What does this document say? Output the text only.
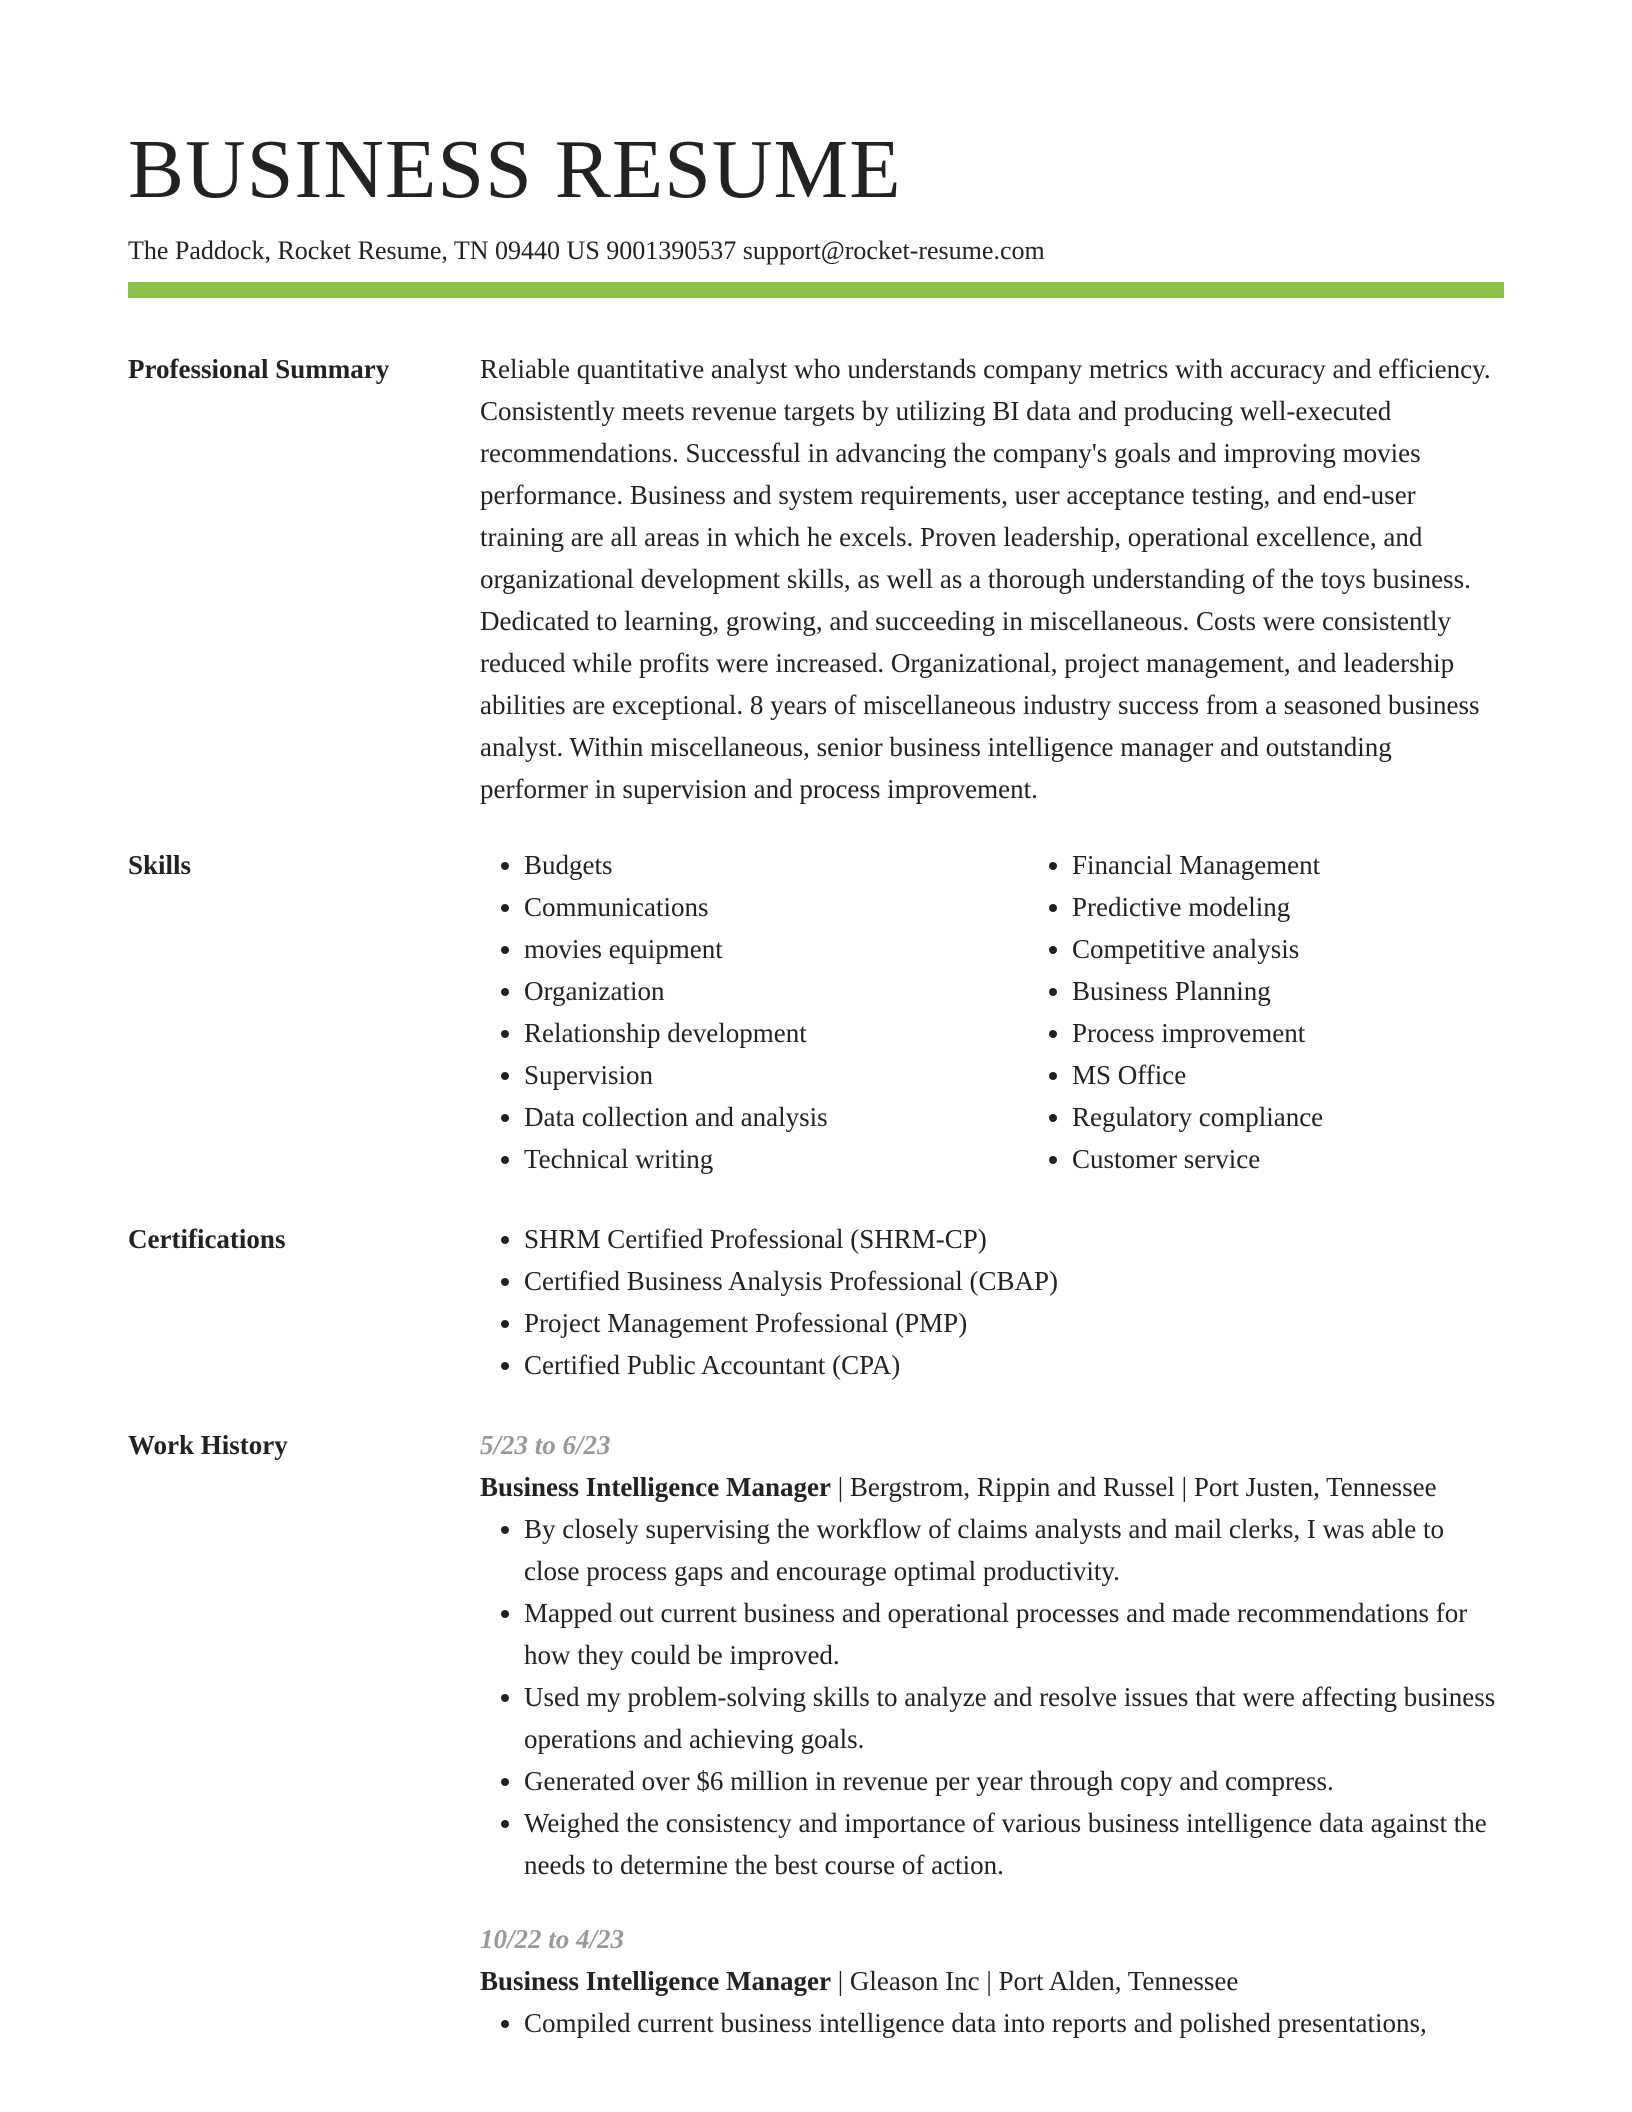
BUSINESS RESUME
The Paddock, Rocket Resume, TN 09440 US 9001390537 support@rocket-resume.com
Professional Summary	Reliable quantitative analyst who understands company metrics with accuracy and efficiency. Consistently meets revenue targets by utilizing BI data and producing well-executed recommendations. Successful in advancing the company's goals and improving movies performance. Business and system requirements, user acceptance testing, and end-user training are all areas in which he excels. Proven leadership, operational excellence, and organizational development skills, as well as a thorough understanding of the toys business. Dedicated to learning, growing, and succeeding in miscellaneous. Costs were consistently reduced while profits were increased. Organizational, project management, and leadership abilities are exceptional. 8 years of miscellaneous industry success from a seasoned business analyst. Within miscellaneous, senior business intelligence manager and outstanding performer in supervision and process improvement.

Skills	• Budgets
• Communications
• movies equipment
• Organization
• Relationship development
• Supervision
• Data collection and analysis
• Technical writing
• Financial Management
• Predictive modeling
• Competitive analysis
• Business Planning
• Process improvement
• MS Office
• Regulatory compliance
• Customer service
Certifications	• SHRM Certified Professional (SHRM-CP)
• Certified Business Analysis Professional (CBAP)
• Project Management Professional (PMP)
• Certified Public Accountant (CPA)
Work History	5/23 to 6/23
Business Intelligence Manager | Bergstrom, Rippin and Russel | Port Justen, Tennessee
• By closely supervising the workflow of claims analysts and mail clerks, I was able to close process gaps and encourage optimal productivity.
• Mapped out current business and operational processes and made recommendations for how they could be improved.
• Used my problem-solving skills to analyze and resolve issues that were affecting business operations and achieving goals.
• Generated over $6 million in revenue per year through copy and compress.
• Weighed the consistency and importance of various business intelligence data against the needs to determine the best course of action.
10/22 to 4/23
Business Intelligence Manager | Gleason Inc | Port Alden, Tennessee
• Compiled current business intelligence data into reports and polished presentations,
